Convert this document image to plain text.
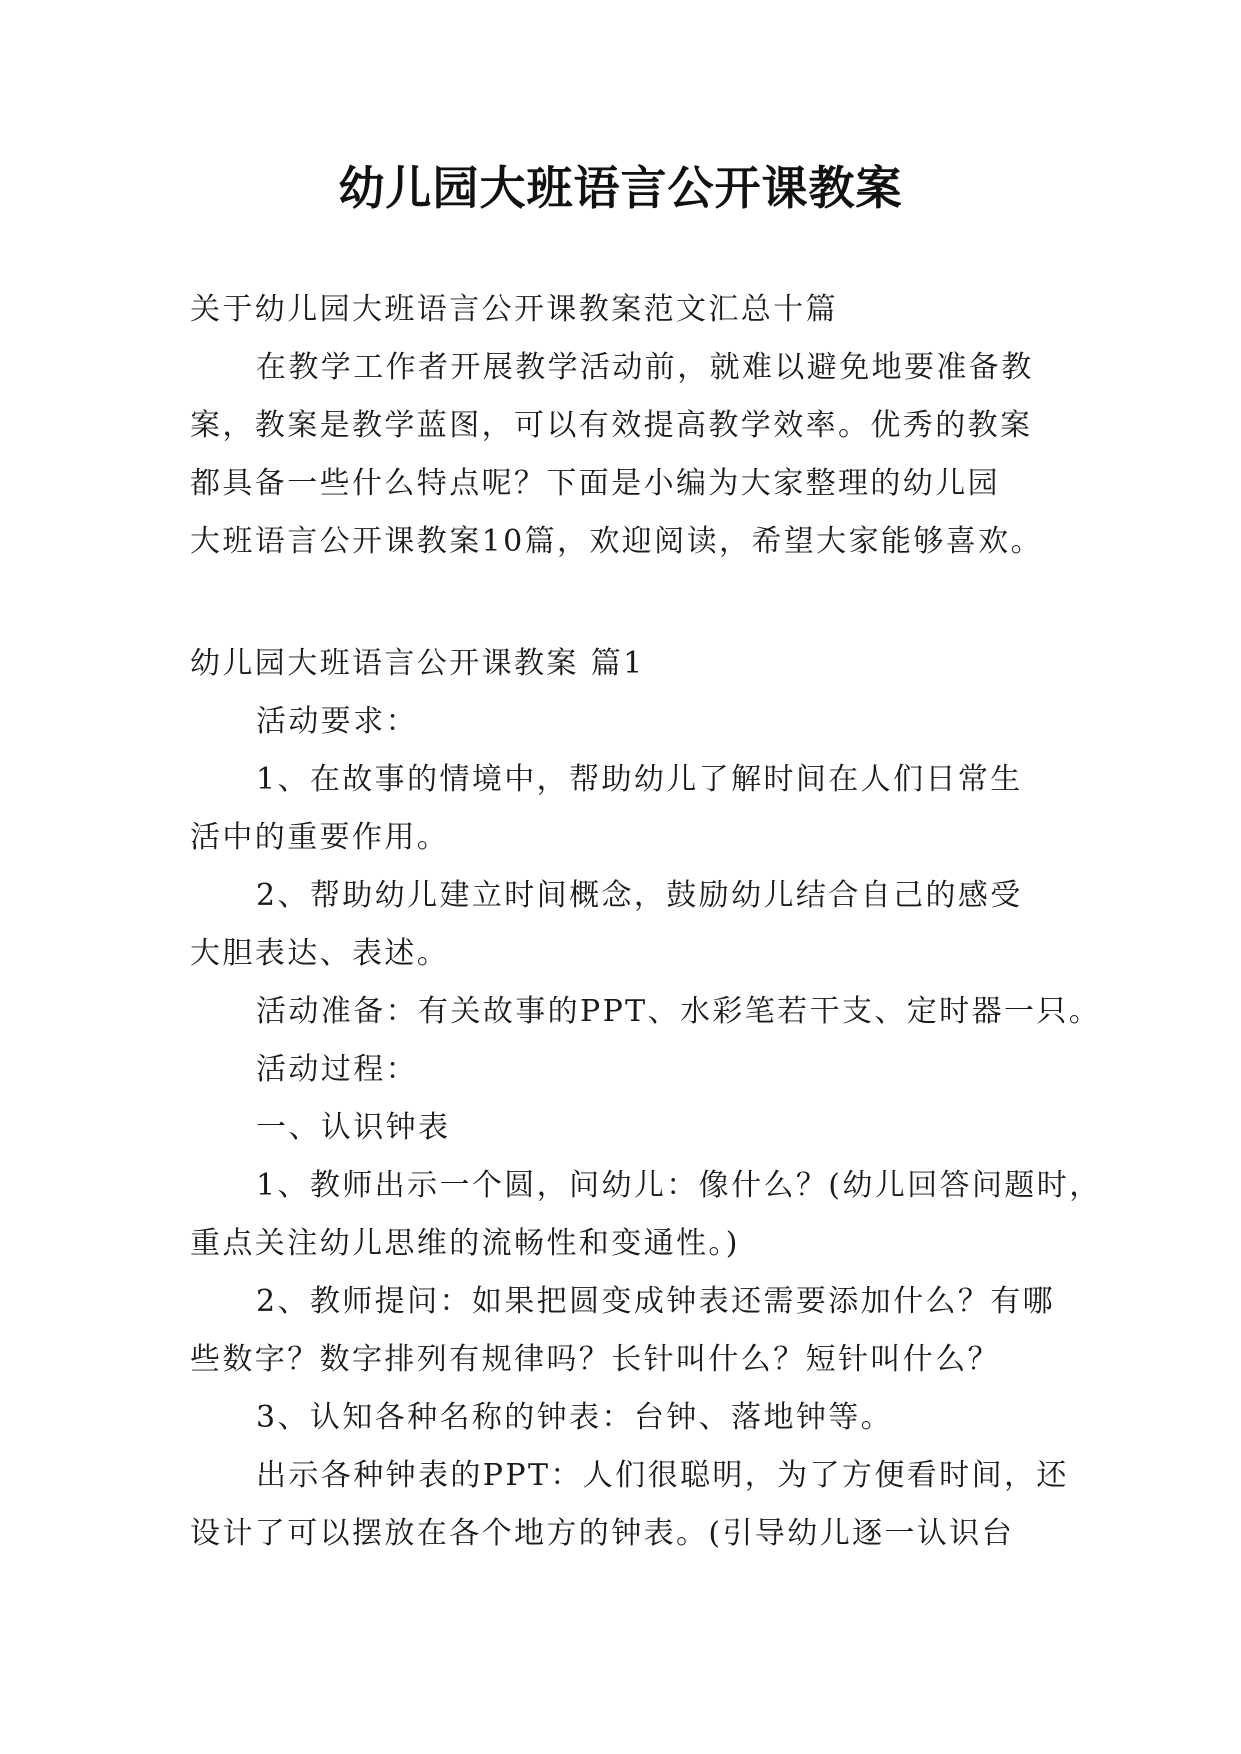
幼儿园大班语言公开课教案
关于幼儿园大班语言公开课教案范文汇总十篇
在教学工作者开展教学活动前，就难以避免地要准备教
案，教案是教学蓝图，可以有效提高教学效率。优秀的教案
都具备一些什么特点呢？下面是小编为大家整理的幼儿园
大班语言公开课教案10篇，欢迎阅读，希望大家能够喜欢。
幼儿园大班语言公开课教案 篇1
活动要求：
1、在故事的情境中，帮助幼儿了解时间在人们日常生
活中的重要作用。
2、帮助幼儿建立时间概念，鼓励幼儿结合自己的感受
大胆表达、表述。
活动准备：有关故事的PPT、水彩笔若干支、定时器一只。
活动过程：
一、认识钟表
1、教师出示一个圆，问幼儿：像什么？(幼儿回答问题时，
重点关注幼儿思维的流畅性和变通性。)
2、教师提问：如果把圆变成钟表还需要添加什么？有哪
些数字？数字排列有规律吗？长针叫什么？短针叫什么？
3、认知各种名称的钟表：台钟、落地钟等。
出示各种钟表的PPT：人们很聪明，为了方便看时间，还
设计了可以摆放在各个地方的钟表。(引导幼儿逐一认识台
